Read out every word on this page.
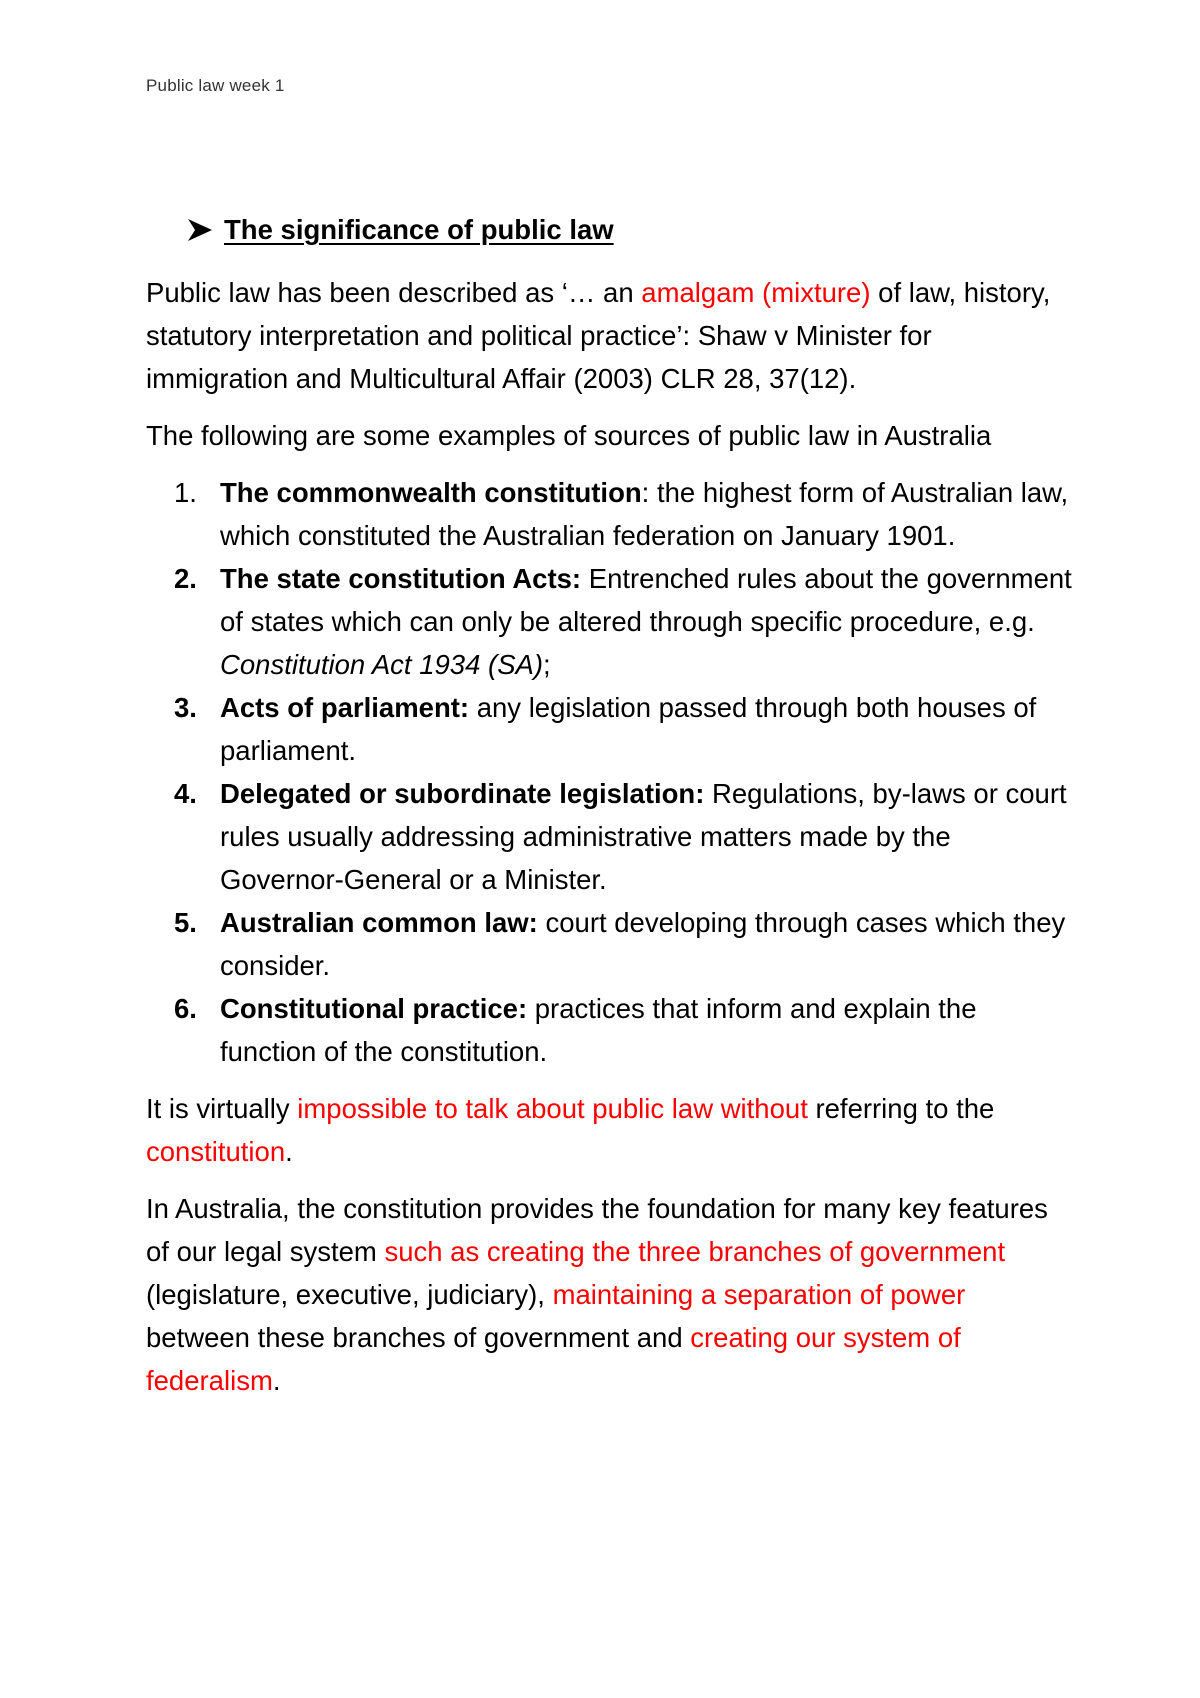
Public law week 1
The significance of public law

Public law has been described as ‘… an amalgam (mixture) of law, history, statutory interpretation and political practice’: Shaw v Minister for immigration and Multicultural Affair (2003) CLR 28, 37(12).

The following are some examples of sources of public law in Australia

1. The commonwealth constitution: the highest form of Australian law, which constituted the Australian federation on January 1901.
2. The state constitution Acts: Entrenched rules about the government of states which can only be altered through specific procedure, e.g. Constitution Act 1934 (SA);
3. Acts of parliament: any legislation passed through both houses of parliament.
4. Delegated or subordinate legislation: Regulations, by-laws or court rules usually addressing administrative matters made by the Governor-General or a Minister.
5. Australian common law: court developing through cases which they consider.
6. Constitutional practice: practices that inform and explain the function of the constitution.

It is virtually impossible to talk about public law without referring to the constitution.

In Australia, the constitution provides the foundation for many key features of our legal system such as creating the three branches of government (legislature, executive, judiciary), maintaining a separation of power between these branches of government and creating our system of federalism.
